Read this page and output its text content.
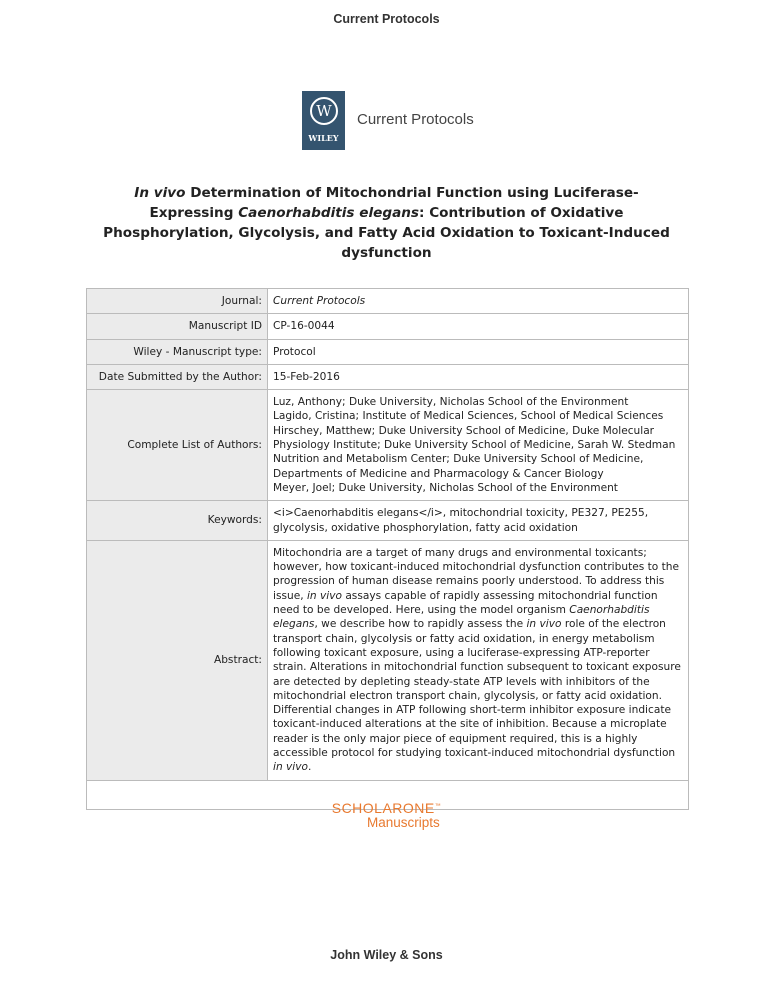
Current Protocols
W
WILEY
Current Protocols
In vivo Determination of Mitochondrial Function using Luciferase-Expressing Caenorhabditis elegans: Contribution of Oxidative Phosphorylation, Glycolysis, and Fatty Acid Oxidation to Toxicant-Induced dysfunction
Journal:	Current Protocols
Manuscript ID	CP-16-0044
Wiley - Manuscript type:	Protocol
Date Submitted by the Author:	15-Feb-2016
Complete List of Authors:	Luz, Anthony; Duke University, Nicholas School of the Environment
Lagido, Cristina; Institute of Medical Sciences, School of Medical Sciences
Hirschey, Matthew; Duke University School of Medicine, Duke Molecular Physiology Institute; Duke University School of Medicine, Sarah W. Stedman Nutrition and Metabolism Center; Duke University School of Medicine, Departments of Medicine and Pharmacology & Cancer Biology
Meyer, Joel; Duke University, Nicholas School of the Environment

Keywords:	<i>Caenorhabditis elegans</i>, mitochondrial toxicity, PE327, PE255, glycolysis, oxidative phosphorylation, fatty acid oxidation
Abstract:	Mitochondria are a target of many drugs and environmental toxicants; however, how toxicant-induced mitochondrial dysfunction contributes to the progression of human disease remains poorly understood. To address this issue, in vivo assays capable of rapidly assessing mitochondrial function need to be developed. Here, using the model organism Caenorhabditis elegans, we describe how to rapidly assess the in vivo role of the electron transport chain, glycolysis or fatty acid oxidation, in energy metabolism following toxicant exposure, using a luciferase-expressing ATP-reporter strain. Alterations in mitochondrial function subsequent to toxicant exposure are detected by depleting steady-state ATP levels with inhibitors of the mitochondrial electron transport chain, glycolysis, or fatty acid oxidation. Differential changes in ATP following short-term inhibitor exposure indicate toxicant-induced alterations at the site of inhibition. Because a microplate reader is the only major piece of equipment required, this is a highly accessible protocol for studying toxicant-induced mitochondrial dysfunction in vivo.

SCHOLARONE™
Manuscripts
John Wiley & Sons
